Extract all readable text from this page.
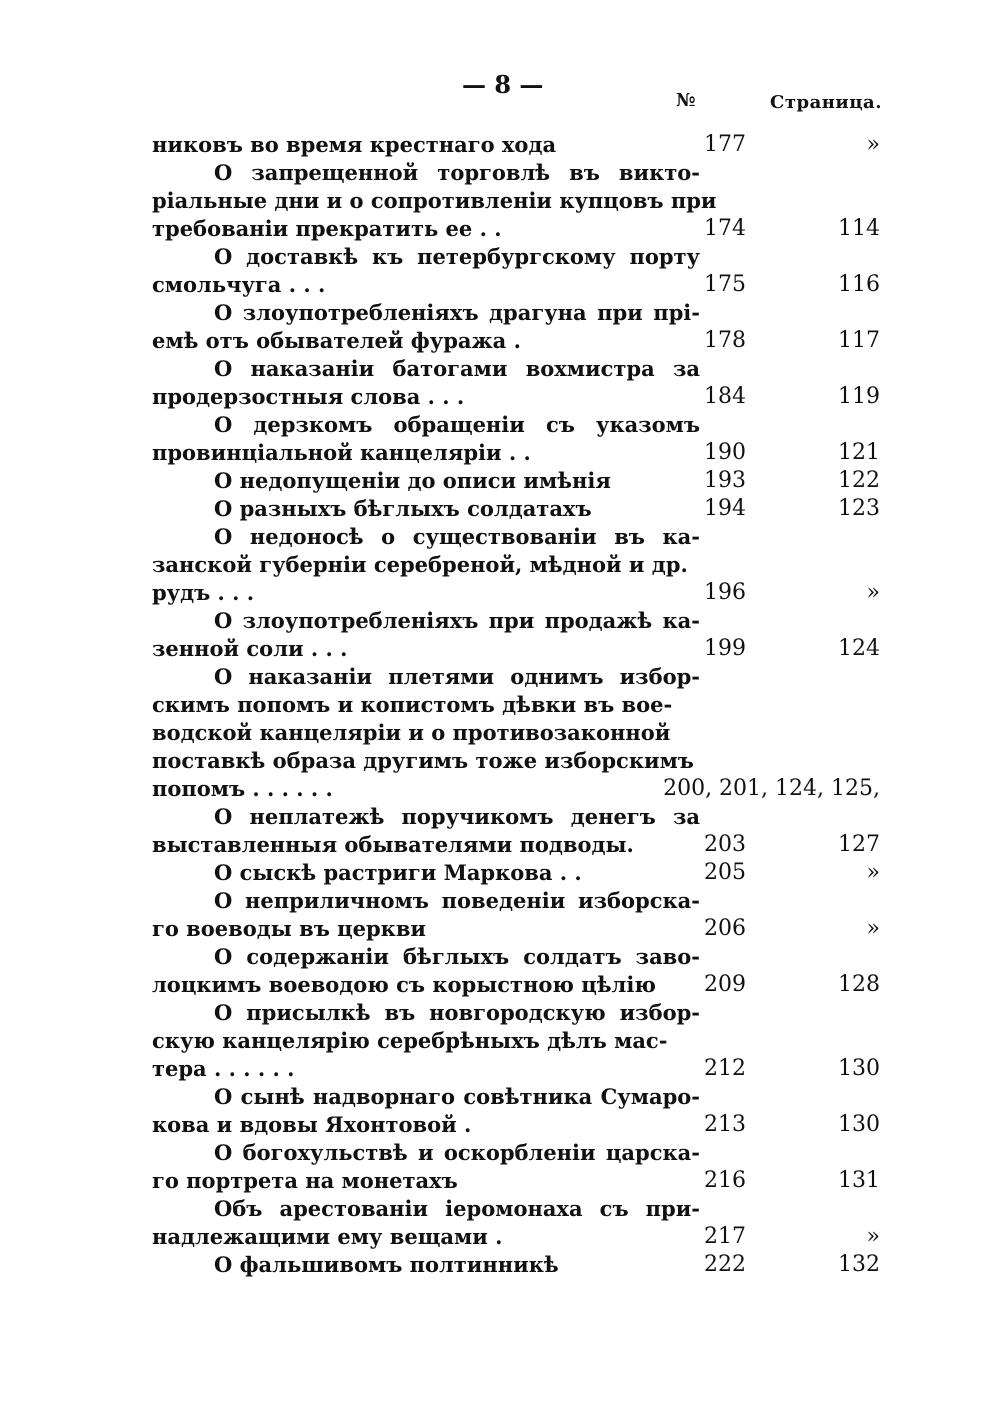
— 8 —
№	Страница.
никовъ во время крестнаго хода	177	»
О запрещенной торговлѣ въ викто-
ріальные дни и о сопротивленіи купцовъ при
требованіи прекратить ее . .	174	114
О доставкѣ къ петербургскому порту
смольчуга . . .	175	116
О злоупотребленіяхъ драгуна при прі-
емѣ отъ обывателей фуража .	178	117
О наказаніи батогами вохмистра за
продерзостныя слова . . .	184	119
О дерзкомъ обращеніи съ указомъ
провинціальной канцеляріи . .	190	121
О недопущеніи до описи имѣнія	193	122
О разныхъ бѣглыхъ солдатахъ	194	123
О недоносѣ о существованіи въ ка-
занской губерніи серебреной, мѣдной и др.
рудъ . . .	196	»
О злоупотребленіяхъ при продажѣ ка-
зенной соли . . .	199	124
О наказаніи плетями однимъ избор-
скимъ попомъ и копистомъ дѣвки въ вое-
водской канцеляріи и о противозаконной
поставкѣ образа другимъ тоже изборскимъ
попомъ . . . . . .	200, 201, 124, 125,
О неплатежѣ поручикомъ денегъ за
выставленныя обывателями подводы.	203	127
О сыскѣ растриги Маркова . .	205	»
О неприличномъ поведеніи изборска-
го воеводы въ церкви	206	»
О содержаніи бѣглыхъ солдатъ заво-
лоцкимъ воеводою съ корыстною цѣлію	209	128
О присылкѣ въ новгородскую избор-
скую канцелярію серебрѣныхъ дѣлъ мас-
тера . . . . . .	212	130
О сынѣ надворнаго совѣтника Сумаро-
кова и вдовы Яхонтовой .	213	130
О богохульствѣ и оскорбленіи царска-
го портрета на монетахъ	216	131
Объ арестованіи іеромонаха съ при-
надлежащими ему вещами .	217	»
О фальшивомъ полтинникѣ	222	132
